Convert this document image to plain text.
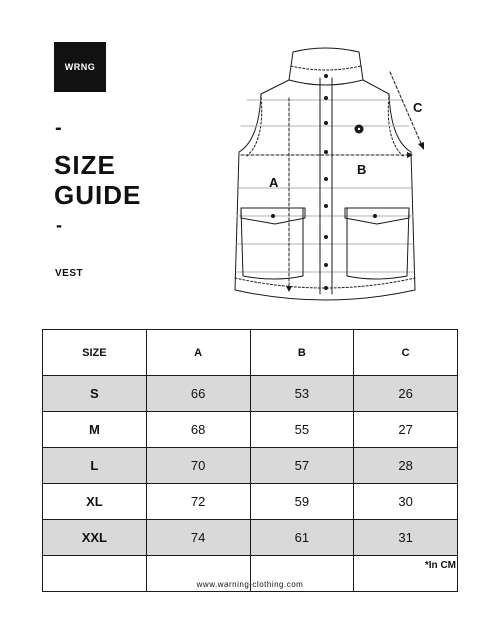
WRNG
-
SIZE
GUIDE
-
VEST
A
B
C
SIZE	A	B	C
S	66	53	26
M	68	55	27
L	70	57	28
XL	72	59	30
XXL	74	61	31

*In CM
www.warning-clothing.com
